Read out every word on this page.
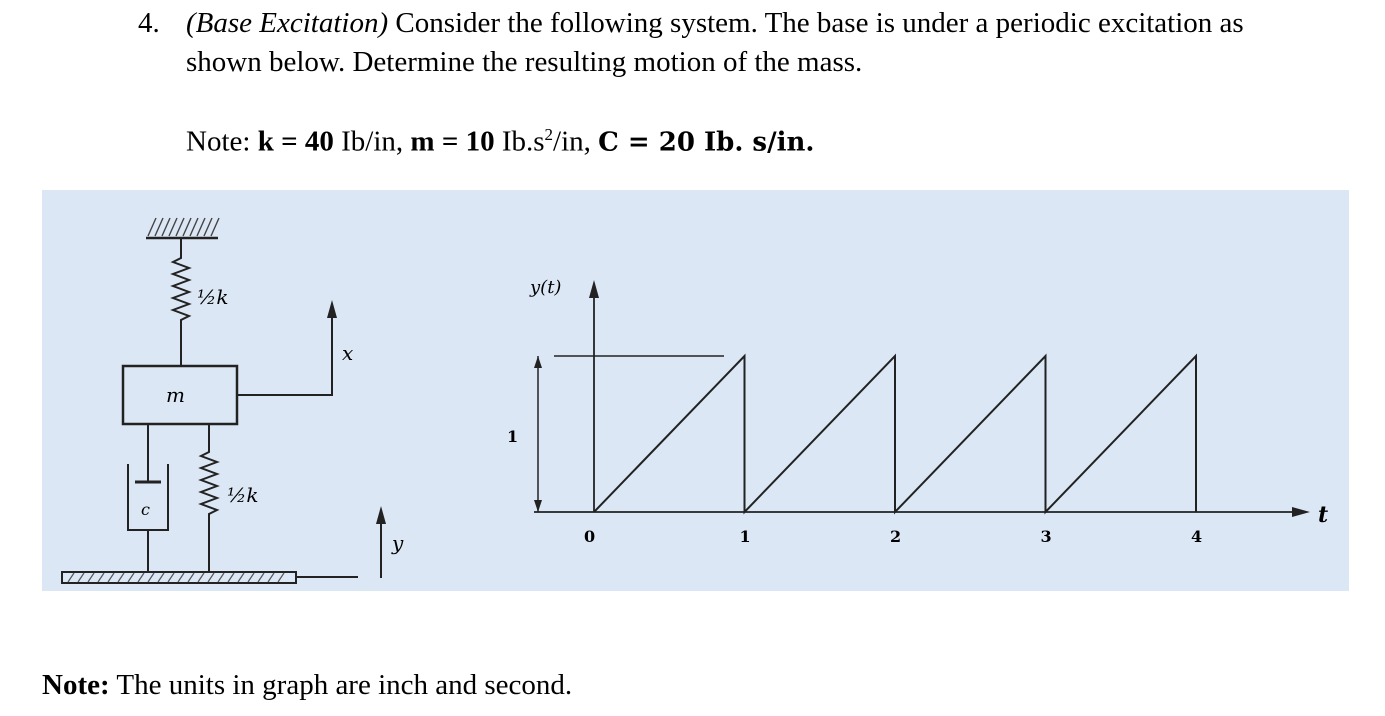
4. (Base Excitation) Consider the following system. The base is under a periodic excitation as
shown below. Determine the resulting motion of the mass.
Note: k = 40 Ib/in, m = 10 $Ib.s^2/in$, C = 20 Ib. s/in.
½k
m
x
c
½k
y
y(t)
t
1
0	1	2	3	4
Note: The units in graph are inch and second.
